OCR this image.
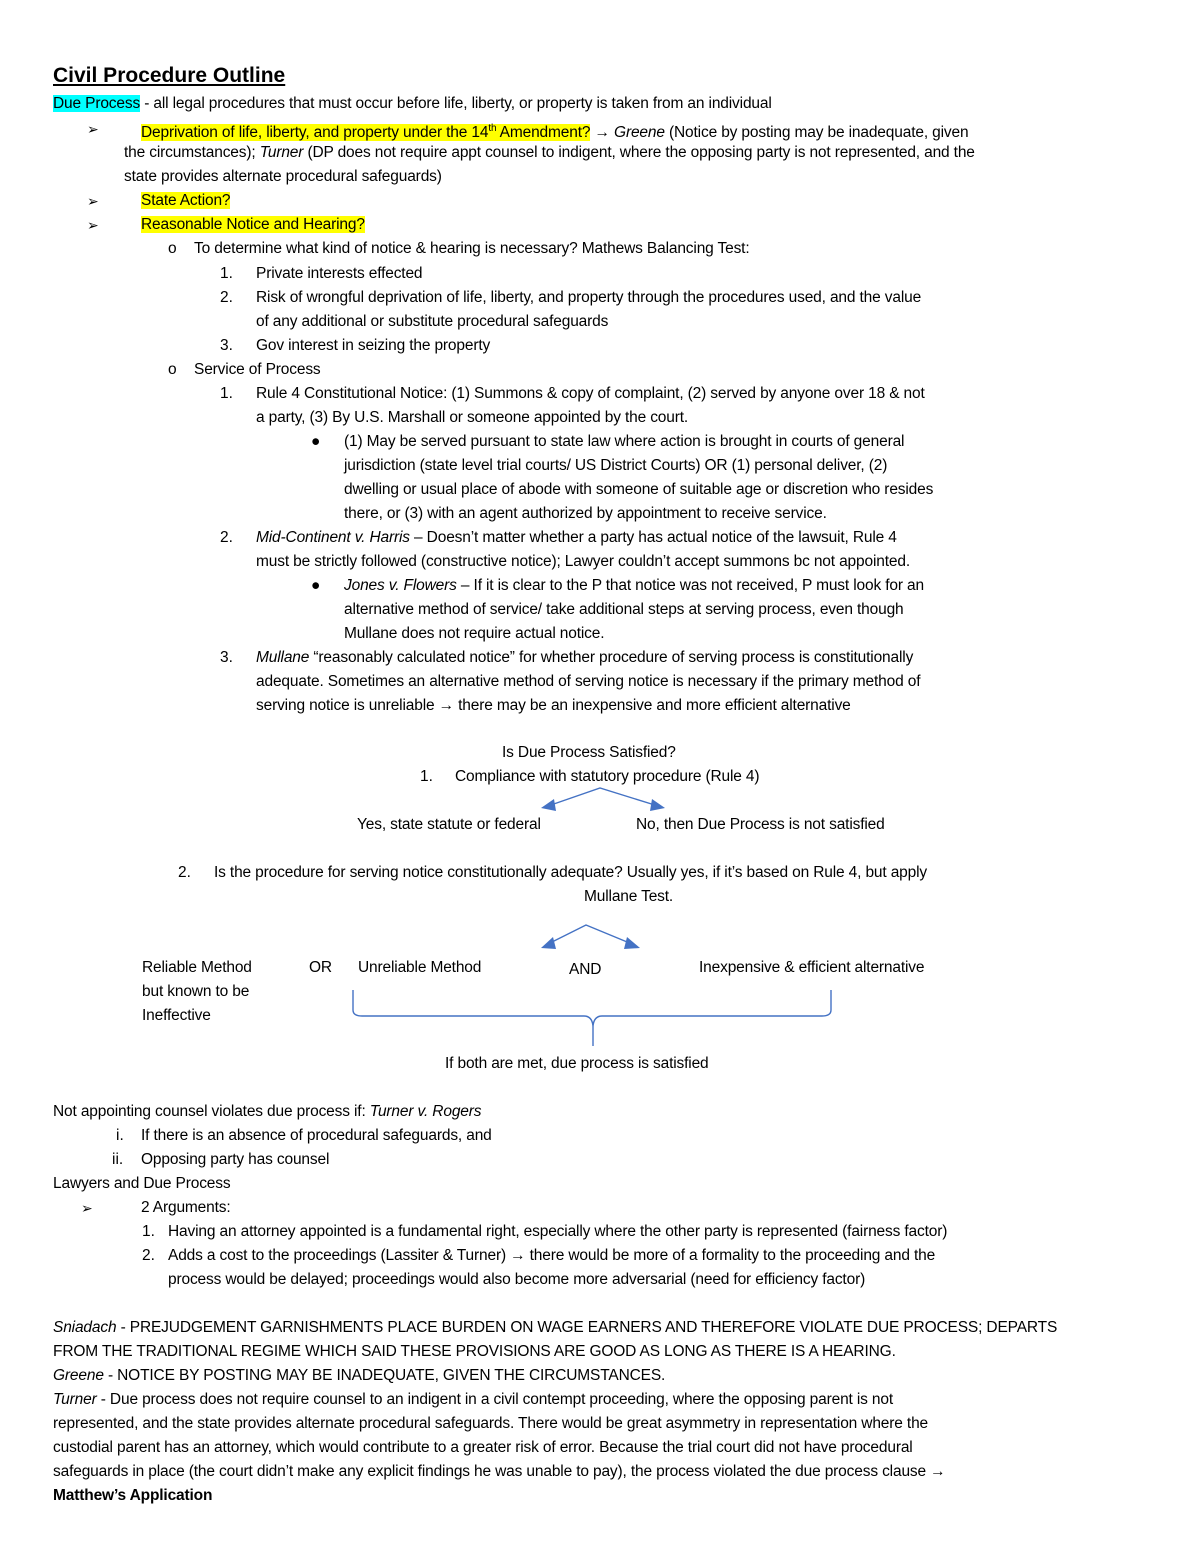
Civil Procedure Outline
Due Process - all legal procedures that must occur before life, liberty, or property is taken from an individual
➢	Deprivation of life, liberty, and property under the 14th Amendment? → Greene (Notice by posting may be inadequate, given
the circumstances); Turner (DP does not require appt counsel to indigent, where the opposing party is not represented, and the
state provides alternate procedural safeguards)
➢	State Action?
➢	Reasonable Notice and Hearing?
o To determine what kind of notice & hearing is necessary? Mathews Balancing Test:
1. Private interests effected
2. Risk of wrongful deprivation of life, liberty, and property through the procedures used, and the value
of any additional or substitute procedural safeguards
3. Gov interest in seizing the property
o Service of Process
1. Rule 4 Constitutional Notice: (1) Summons & copy of complaint, (2) served by anyone over 18 & not
a party, (3) By U.S. Marshall or someone appointed by the court.
● (1) May be served pursuant to state law where action is brought in courts of general
jurisdiction (state level trial courts/ US District Courts) OR (1) personal deliver, (2)
dwelling or usual place of abode with someone of suitable age or discretion who resides
there, or (3) with an agent authorized by appointment to receive service.
2. Mid-Continent v. Harris – Doesn’t matter whether a party has actual notice of the lawsuit, Rule 4
must be strictly followed (constructive notice); Lawyer couldn’t accept summons bc not appointed.
● Jones v. Flowers – If it is clear to the P that notice was not received, P must look for an
alternative method of service/ take additional steps at serving process, even though
Mullane does not require actual notice.
3. Mullane “reasonably calculated notice” for whether procedure of serving process is constitutionally
adequate. Sometimes an alternative method of serving notice is necessary if the primary method of
serving notice is unreliable → there may be an inexpensive and more efficient alternative
Is Due Process Satisfied?
1. Compliance with statutory procedure (Rule 4)
Yes, state statute or federal	No, then Due Process is not satisfied
2. Is the procedure for serving notice constitutionally adequate? Usually yes, if it’s based on Rule 4, but apply
Mullane Test.
Reliable Method
but known to be
Ineffective
OR Unreliable Method	AND	Inexpensive & efficient alternative
If both are met, due process is satisfied
Not appointing counsel violates due process if: Turner v. Rogers
i. If there is an absence of procedural safeguards, and
ii. Opposing party has counsel
Lawyers and Due Process
➢	2 Arguments:
1. Having an attorney appointed is a fundamental right, especially where the other party is represented (fairness factor)
2. Adds a cost to the proceedings (Lassiter & Turner) → there would be more of a formality to the proceeding and the
process would be delayed; proceedings would also become more adversarial (need for efficiency factor)
Sniadach - PREJUDGEMENT GARNISHMENTS PLACE BURDEN ON WAGE EARNERS AND THEREFORE VIOLATE DUE PROCESS; DEPARTS
FROM THE TRADITIONAL REGIME WHICH SAID THESE PROVISIONS ARE GOOD AS LONG AS THERE IS A HEARING.
Greene - NOTICE BY POSTING MAY BE INADEQUATE, GIVEN THE CIRCUMSTANCES.
Turner - Due process does not require counsel to an indigent in a civil contempt proceeding, where the opposing parent is not
represented, and the state provides alternate procedural safeguards. There would be great asymmetry in representation where the
custodial parent has an attorney, which would contribute to a greater risk of error. Because the trial court did not have procedural
safeguards in place (the court didn’t make any explicit findings he was unable to pay), the process violated the due process clause →
Matthew’s Application
